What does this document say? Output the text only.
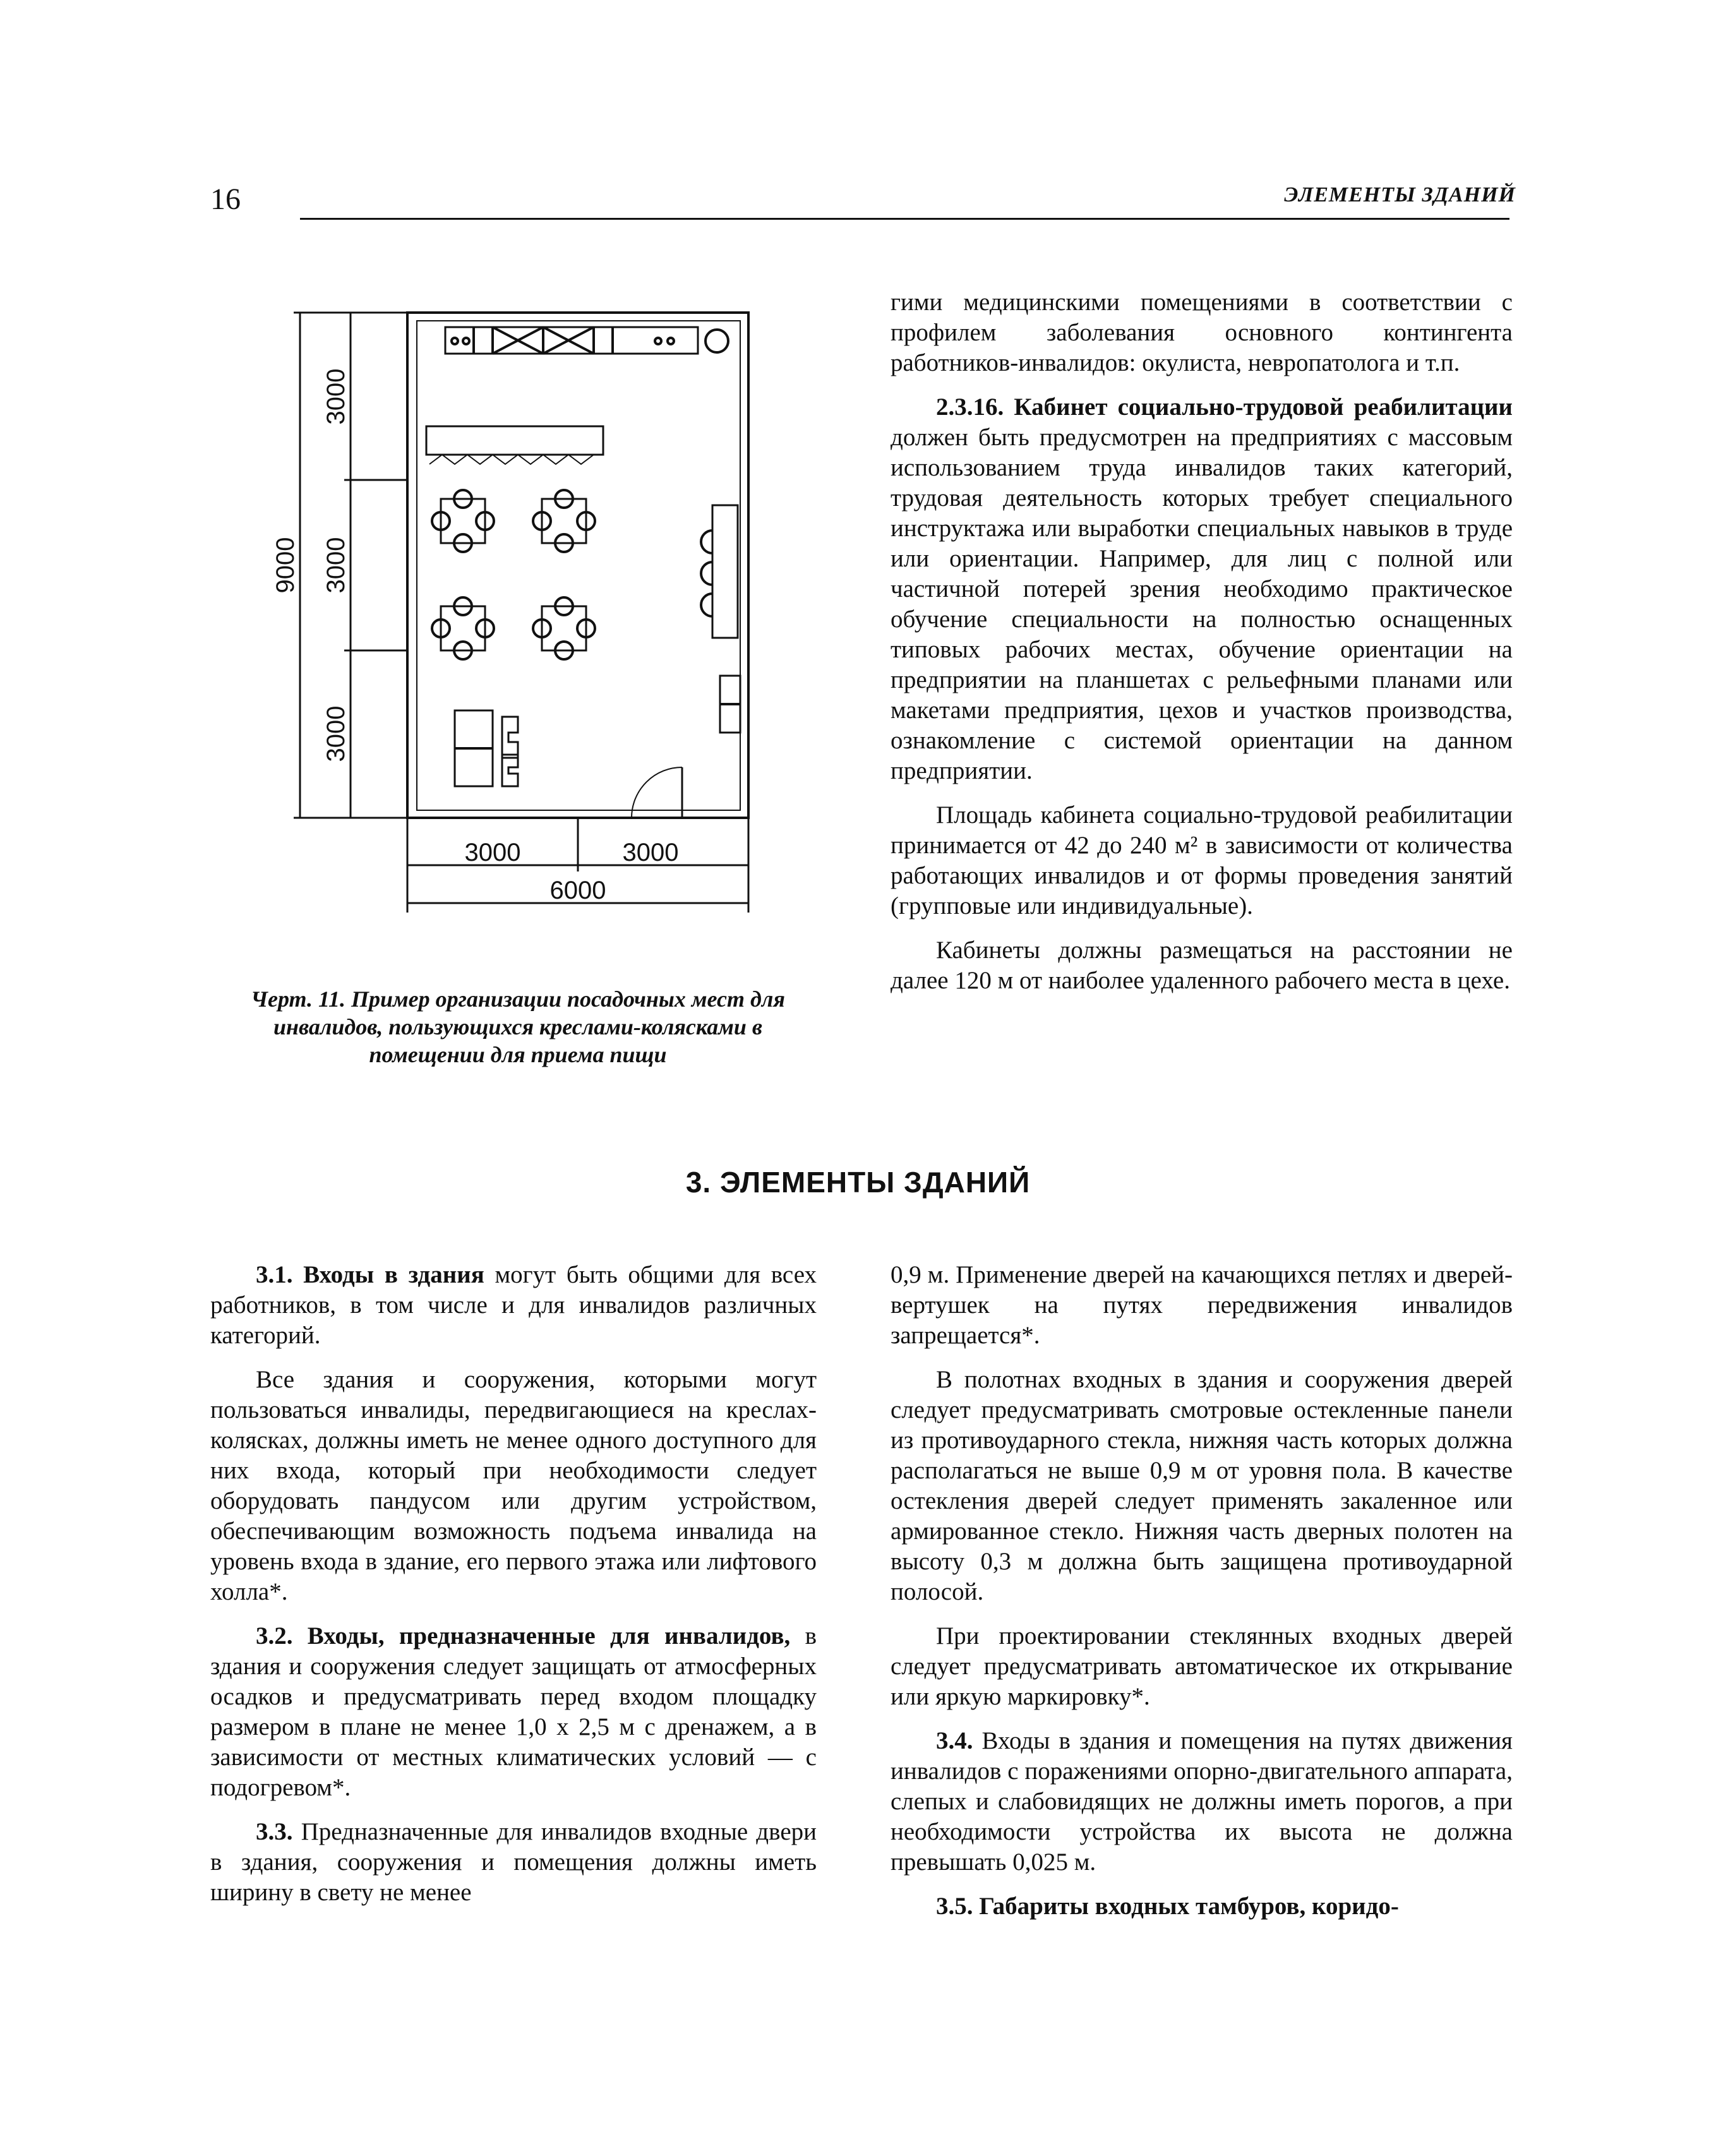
16	ЭЛЕМЕНТЫ ЗДАНИЙ
9000
3000
3000
3000
3000	3000
6000
Черт. 11. Пример организации посадочных мест для инвалидов, пользующихся креслами-колясками в помещении для приема пищи

гими медицинскими помещениями в соответствии с профилем заболевания основного контингента работников-инвалидов: окулиста, невропатолога и т.п.

2.3.16. Кабинет социально-трудовой реабилитации должен быть предусмотрен на предприятиях с массовым использованием труда инвалидов таких категорий, трудовая деятельность которых требует специального инструктажа или выработки специальных навыков в труде или ориентации. Например, для лиц с полной или частичной потерей зрения необходимо практическое обучение специальности на полностью оснащенных типовых рабочих местах, обучение ориентации на предприятии на планшетах с рельефными планами или макетами предприятия, цехов и участков производства, ознакомление с системой ориентации на данном предприятии.

Площадь кабинета социально-трудовой реабилитации принимается от 42 до 240 м² в зависимости от количества работающих инвалидов и от формы проведения занятий (групповые или индивидуальные).

Кабинеты должны размещаться на расстоянии не далее 120 м от наиболее удаленного рабочего места в цехе.

3. ЭЛЕМЕНТЫ ЗДАНИЙ

3.1. Входы в здания могут быть общими для всех работников, в том числе и для инвалидов различных категорий.

Все здания и сооружения, которыми могут пользоваться инвалиды, передвигающиеся на креслах-колясках, должны иметь не менее одного доступного для них входа, который при необходимости следует оборудовать пандусом или другим устройством, обеспечивающим возможность подъема инвалида на уровень входа в здание, его первого этажа или лифтового холла*.

3.2. Входы, предназначенные для инвалидов, в здания и сооружения следует защищать от атмосферных осадков и предусматривать перед входом площадку размером в плане не менее 1,0 х 2,5 м с дренажем, а в зависимости от местных климатических условий — с подогревом*.

3.3. Предназначенные для инвалидов входные двери в здания, сооружения и помещения должны иметь ширину в свету не менее

0,9 м. Применение дверей на качающихся петлях и дверей-вертушек на путях передвижения инвалидов запрещается*.

В полотнах входных в здания и сооружения дверей следует предусматривать смотровые остекленные панели из противоударного стекла, нижняя часть которых должна располагаться не выше 0,9 м от уровня пола. В качестве остекления дверей следует применять закаленное или армированное стекло. Нижняя часть дверных полотен на высоту 0,3 м должна быть защищена противоударной полосой.

При проектировании стеклянных входных дверей следует предусматривать автоматическое их открывание или яркую маркировку*.

3.4. Входы в здания и помещения на путях движения инвалидов с поражениями опорно-двигательного аппарата, слепых и слабовидящих не должны иметь порогов, а при необходимости устройства их высота не должна превышать 0,025 м.

3.5. Габариты входных тамбуров, коридо-
